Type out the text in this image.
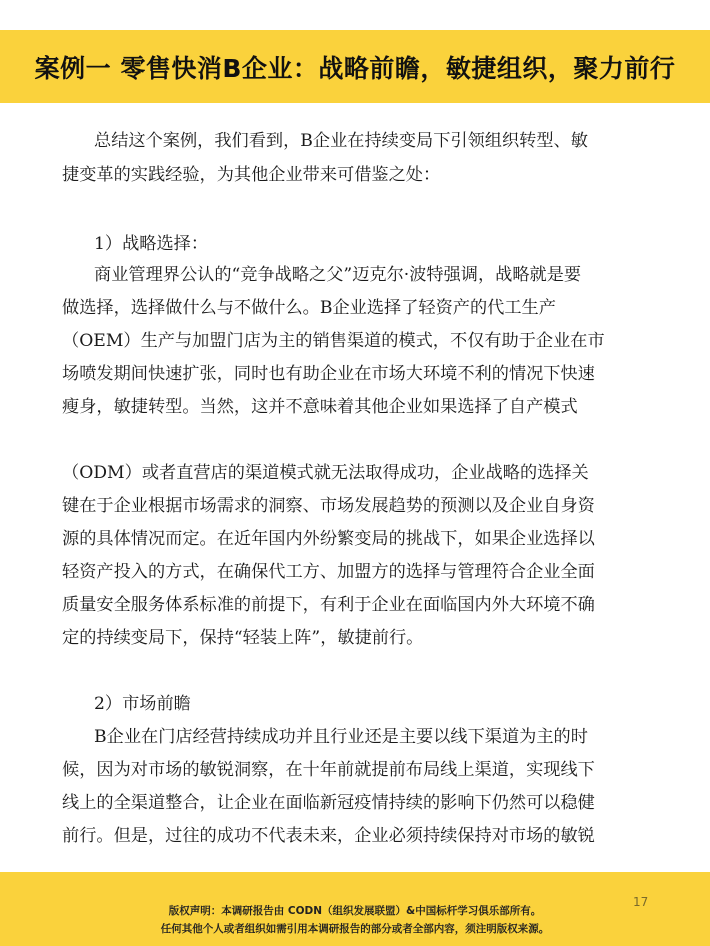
案例一 零售快消B企业：战略前瞻，敏捷组织，聚力前行
总结这个案例，我们看到，B企业在持续变局下引领组织转型、敏
捷变革的实践经验，为其他企业带来可借鉴之处：
1）战略选择：
商业管理界公认的“竞争战略之父”迈克尔·波特强调，战略就是要
做选择，选择做什么与不做什么。B企业选择了轻资产的代工生产
（OEM）生产与加盟门店为主的销售渠道的模式，不仅有助于企业在市
场喷发期间快速扩张，同时也有助企业在市场大环境不利的情况下快速
瘦身，敏捷转型。当然，这并不意味着其他企业如果选择了自产模式
（ODM）或者直营店的渠道模式就无法取得成功，企业战略的选择关
键在于企业根据市场需求的洞察、市场发展趋势的预测以及企业自身资
源的具体情况而定。在近年国内外纷繁变局的挑战下，如果企业选择以
轻资产投入的方式，在确保代工方、加盟方的选择与管理符合企业全面
质量安全服务体系标准的前提下，有利于企业在面临国内外大环境不确
定的持续变局下，保持“轻装上阵”，敏捷前行。
2）市场前瞻
B企业在门店经营持续成功并且行业还是主要以线下渠道为主的时
候，因为对市场的敏锐洞察，在十年前就提前布局线上渠道，实现线下
线上的全渠道整合，让企业在面临新冠疫情持续的影响下仍然可以稳健
前行。但是，过往的成功不代表未来，企业必须持续保持对市场的敏锐
版权声明：本调研报告由 CODN（组织发展联盟）&中国标杆学习俱乐部所有。
任何其他个人或者组织如需引用本调研报告的部分或者全部内容，须注明版权来源。
17
